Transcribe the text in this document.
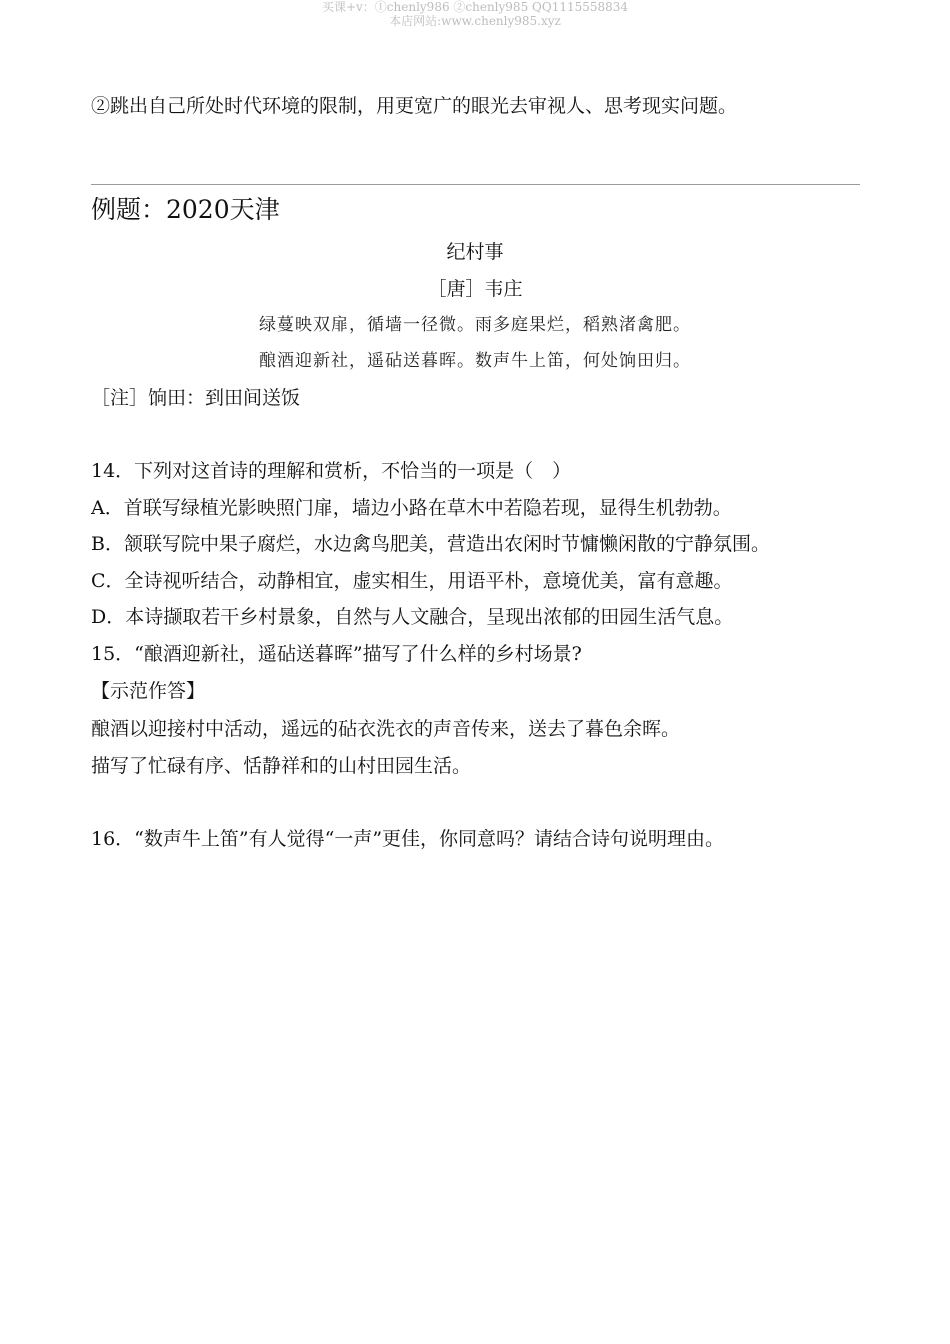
买课+v：①chenly986 ②chenly985 QQ1115558834
本店网站:www.chenly985.xyz
②跳出自己所处时代环境的限制，用更宽广的眼光去审视人、思考现实问题。
例题：2020天津
纪村事
［唐］韦庄
绿蔓映双扉，循墙一径微。雨多庭果烂，稻熟渚禽肥。
酿酒迎新社，遥砧送暮晖。数声牛上笛，何处饷田归。
［注］饷田：到田间送饭
14．下列对这首诗的理解和赏析，不恰当的一项是（　）
A．首联写绿植光影映照门扉，墙边小路在草木中若隐若现，显得生机勃勃。
B．颔联写院中果子腐烂，水边禽鸟肥美，营造出农闲时节慵懒闲散的宁静氛围。
C．全诗视听结合，动静相宜，虚实相生，用语平朴，意境优美，富有意趣。
D．本诗撷取若干乡村景象，自然与人文融合，呈现出浓郁的田园生活气息。
15．“酿酒迎新社，遥砧送暮晖”描写了什么样的乡村场景?
【示范作答】
酿酒以迎接村中活动，遥远的砧衣洗衣的声音传来，送去了暮色余晖。
描写了忙碌有序、恬静祥和的山村田园生活。
16．“数声牛上笛”有人觉得“一声”更佳，你同意吗？请结合诗句说明理由。
